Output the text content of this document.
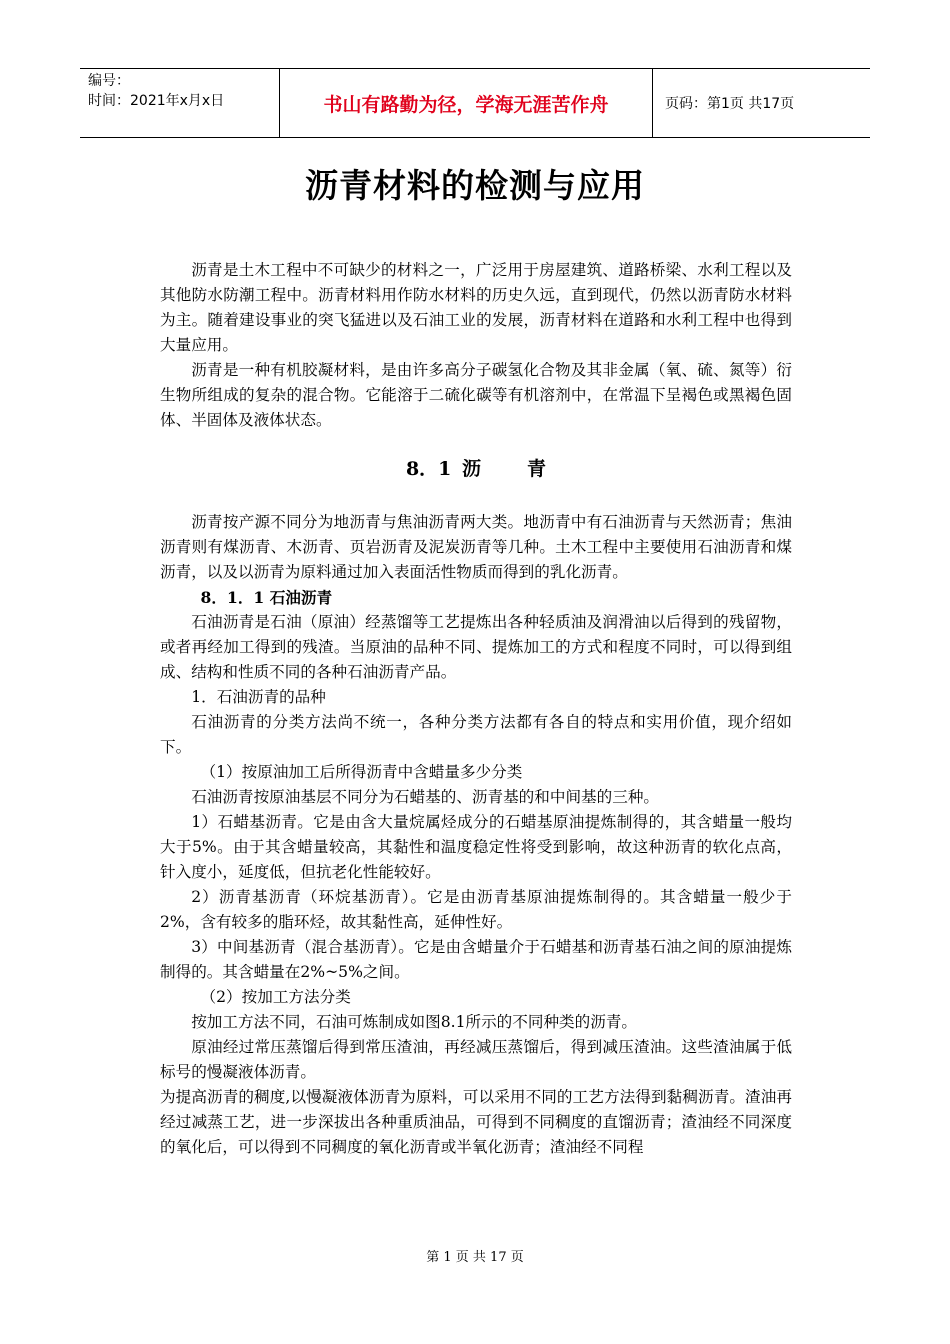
编号：
时间：2021年x月x日	书山有路勤为径，学海无涯苦作舟	页码：第1页 共17页
沥青材料的检测与应用

沥青是土木工程中不可缺少的材料之一，广泛用于房屋建筑、道路桥梁、水利工程以及其他防水防潮工程中。沥青材料用作防水材料的历史久远，直到现代，仍然以沥青防水材料为主。随着建设事业的突飞猛进以及石油工业的发展，沥青材料在道路和水利工程中也得到大量应用。

沥青是一种有机胶凝材料，是由许多高分子碳氢化合物及其非金属（氧、硫、氮等）衍生物所组成的复杂的混合物。它能溶于二硫化碳等有机溶剂中，在常温下呈褐色或黑褐色固体、半固体及液体状态。

8．1 沥 青

沥青按产源不同分为地沥青与焦油沥青两大类。地沥青中有石油沥青与天然沥青；焦油沥青则有煤沥青、木沥青、页岩沥青及泥炭沥青等几种。土木工程中主要使用石油沥青和煤沥青，以及以沥青为原料通过加入表面活性物质而得到的乳化沥青。

8．1．1 石油沥青

石油沥青是石油（原油）经蒸馏等工艺提炼出各种轻质油及润滑油以后得到的残留物，或者再经加工得到的残渣。当原油的品种不同、提炼加工的方式和程度不同时，可以得到组成、结构和性质不同的各种石油沥青产品。

1．石油沥青的品种

石油沥青的分类方法尚不统一，各种分类方法都有各自的特点和实用价值，现介绍如下。

（1）按原油加工后所得沥青中含蜡量多少分类

石油沥青按原油基层不同分为石蜡基的、沥青基的和中间基的三种。

1）石蜡基沥青。它是由含大量烷属烃成分的石蜡基原油提炼制得的，其含蜡量一般均大于5%。由于其含蜡量较高，其黏性和温度稳定性将受到影响，故这种沥青的软化点高，针入度小，延度低，但抗老化性能较好。

2）沥青基沥青（环烷基沥青）。它是由沥青基原油提炼制得的。其含蜡量一般少于2%，含有较多的脂环烃，故其黏性高，延伸性好。

3）中间基沥青（混合基沥青）。它是由含蜡量介于石蜡基和沥青基石油之间的原油提炼制得的。其含蜡量在2%~5%之间。

（2）按加工方法分类

按加工方法不同，石油可炼制成如图8.1所示的不同种类的沥青。

原油经过常压蒸馏后得到常压渣油，再经减压蒸馏后，得到减压渣油。这些渣油属于低标号的慢凝液体沥青。

为提高沥青的稠度,以慢凝液体沥青为原料，可以采用不同的工艺方法得到黏稠沥青。渣油再经过减蒸工艺，进一步深拔出各种重质油品，可得到不同稠度的直馏沥青；渣油经不同深度的氧化后，可以得到不同稠度的氧化沥青或半氧化沥青；渣油经不同程

第 1 页 共 17 页
